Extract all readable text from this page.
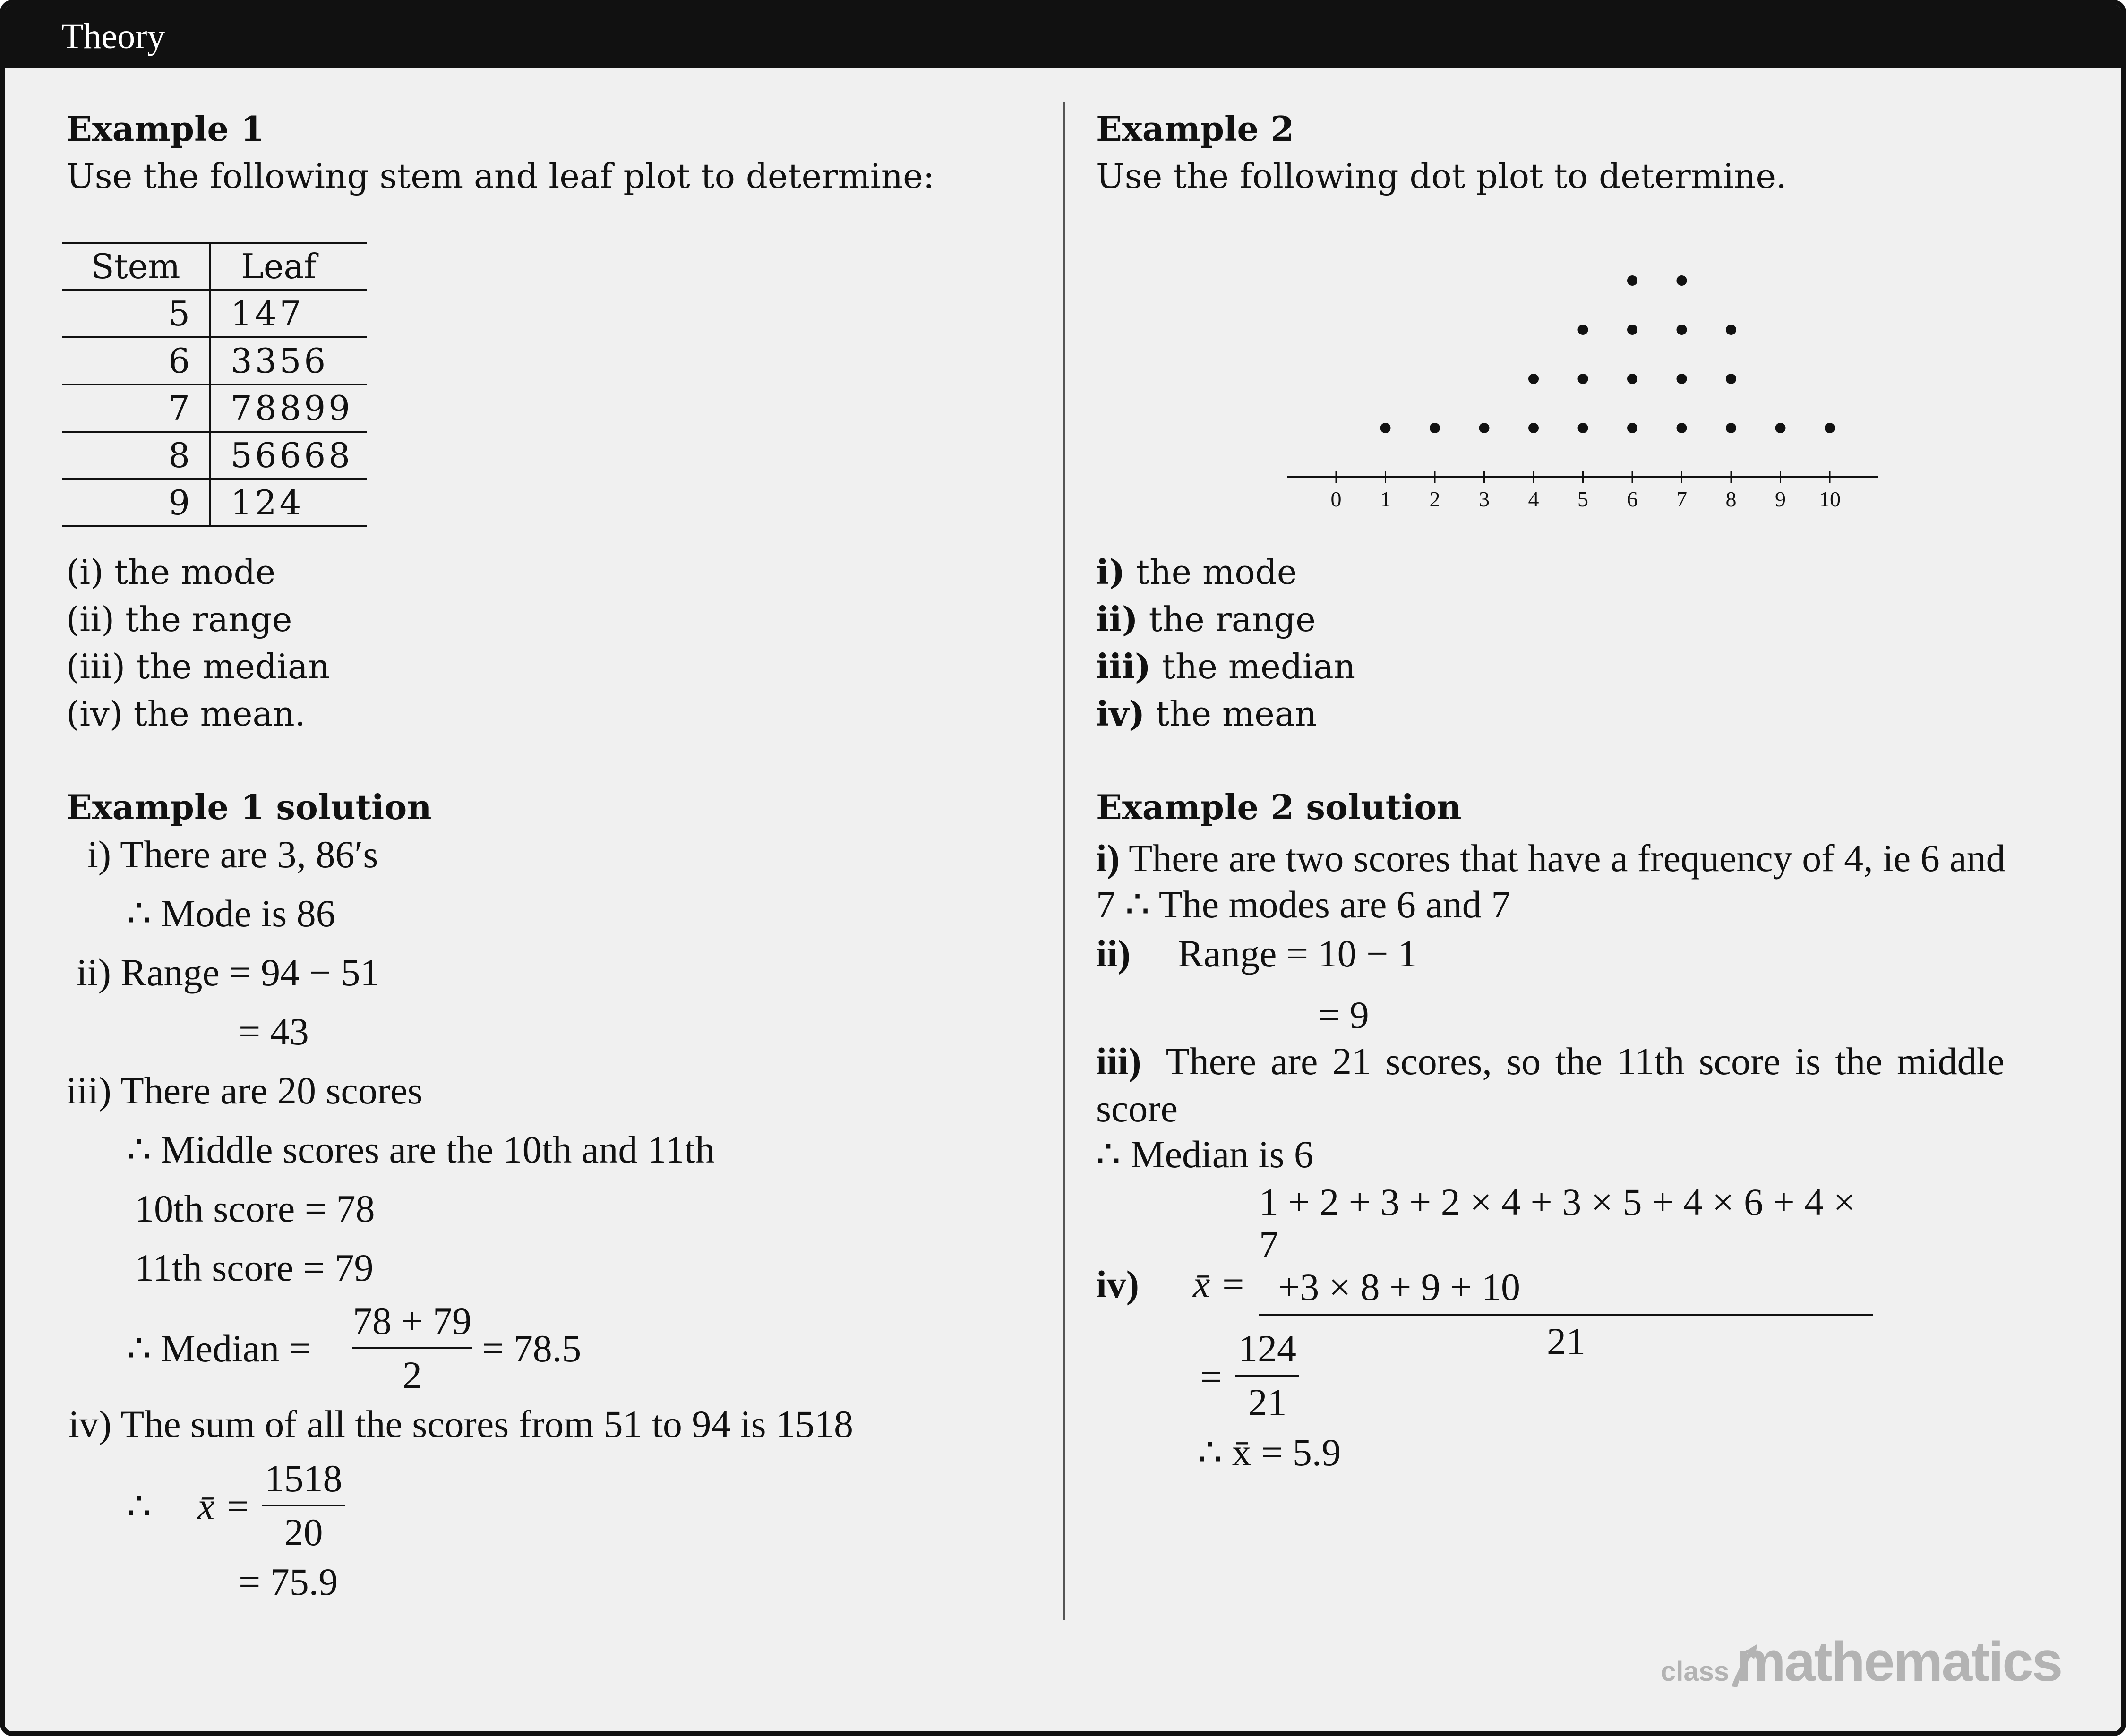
Theory
Example 1
Use the following stem and leaf plot to determine:
Stem	Leaf
5	147
6	3356
7	78899
8	56668
9	124
(i) the mode
(ii) the range
(iii) the median
(iv) the mean.
Example 1 solution
i) There are 3, 86′s
∴ Mode is 86
ii) Range = 94 − 51
= 43
iii) There are 20 scores
∴ Middle scores are the 10th and 11th
10th score = 78
11th score = 79
∴ Median =
78 + 79
2
= 78.5
iv) The sum of all the scores from 51 to 94 is 1518
∴ x̄ =
1518
20
= 75.9
Example 2
Use the following dot plot to determine.
0 1 2 3 4 5 6 7 8 9 10
i) the mode
ii) the range
iii) the median
iv) the mean
Example 2 solution
i) There are two scores that have a frequency of 4, ie 6 and
7 ∴ The modes are 6 and 7
ii) Range = 10 − 1
= 9
iii) There are 21 scores, so the 11th score is the middle
score
∴ Median is 6
iv) x̄ =
1 + 2 + 3 + 2 × 4 + 3 × 5 + 4 × 6 + 4 × 7
+3 × 8 + 9 + 10
21
=
124
21
∴ x̄ = 5.9
class mathematics
